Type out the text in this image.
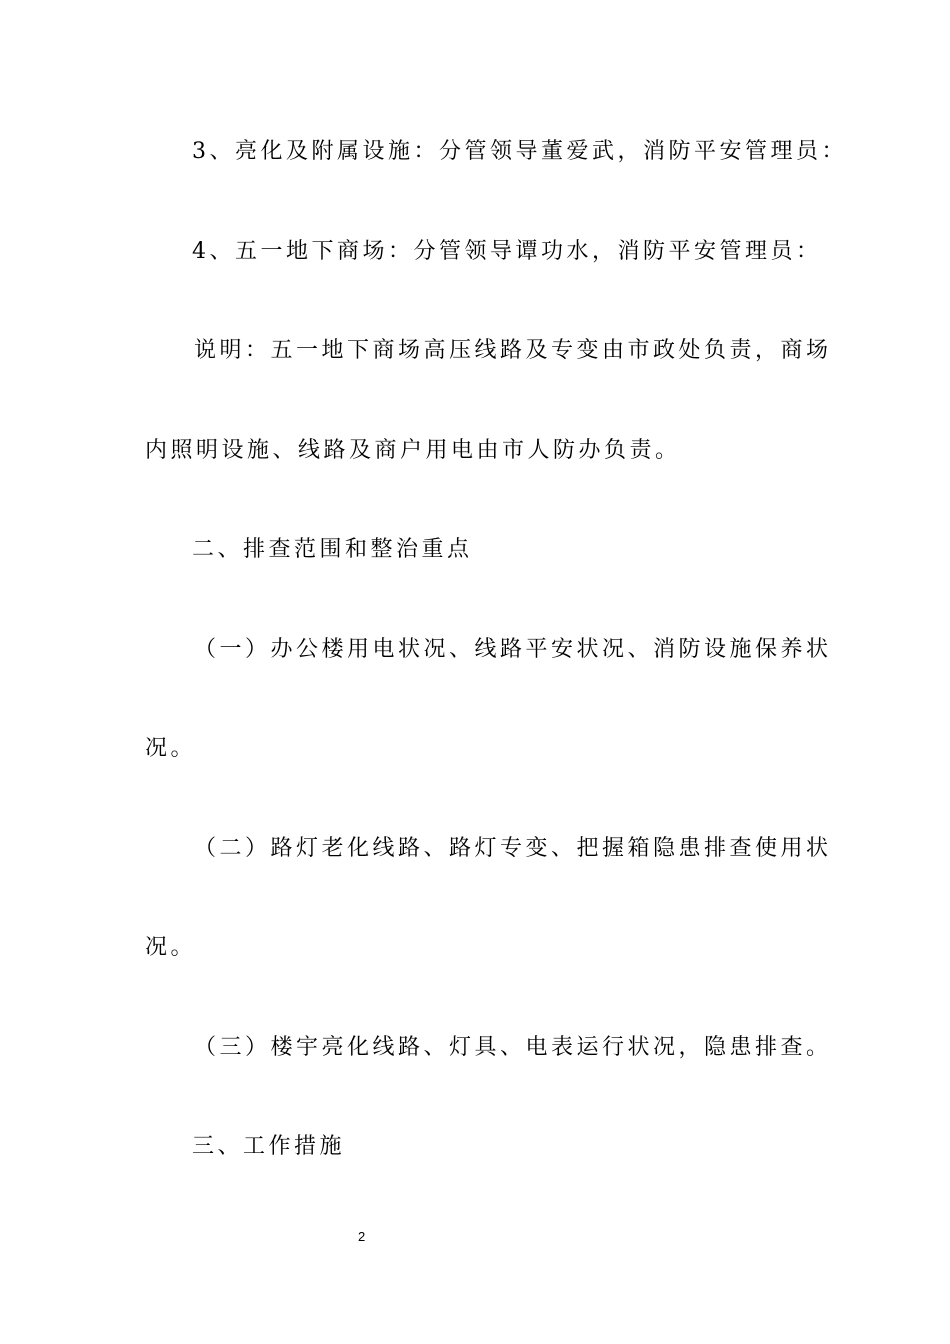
3、亮化及附属设施：分管领导董爱武，消防平安管理员：
4、五一地下商场：分管领导谭功水，消防平安管理员：
说明：五一地下商场高压线路及专变由市政处负责，商场
内照明设施、线路及商户用电由市人防办负责。
二、排查范围和整治重点
（一）办公楼用电状况、线路平安状况、消防设施保养状
况。
（二）路灯老化线路、路灯专变、把握箱隐患排查使用状
况。
（三）楼宇亮化线路、灯具、电表运行状况，隐患排查。
三、工作措施
2
